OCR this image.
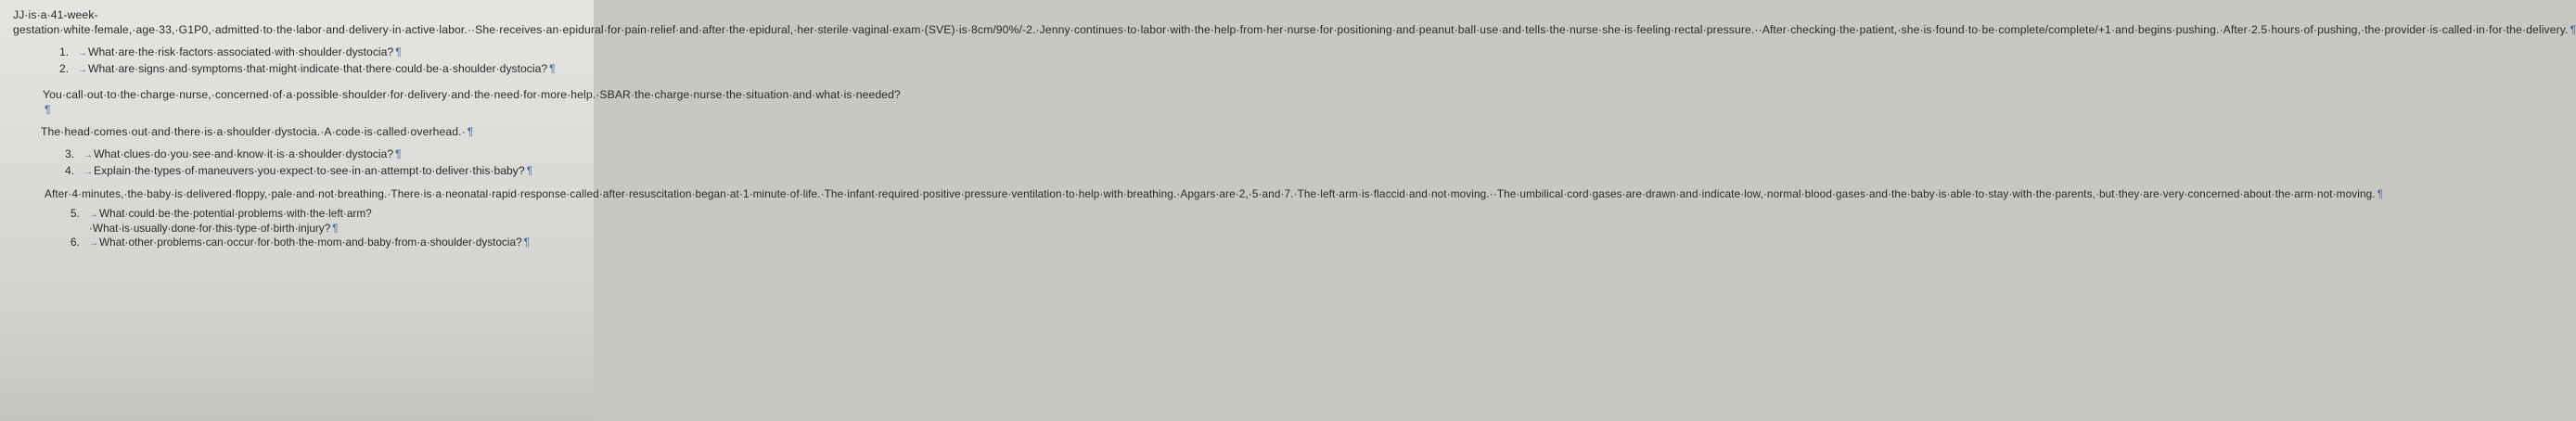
JJ·is·a·41-week-gestation·white·female,·age·33,·G1P0,·admitted·to·the·labor·and·delivery·in·active·labor.··She·receives·an·epidural·for·pain·relief·and·after·the·epidural,·her·sterile·vaginal·exam·(SVE)·is·8cm/90%/-2.·Jenny·continues·to·labor·with·the·help·from·her·nurse·for·positioning·and·peanut·ball·use·and·tells·the·nurse·she·is·feeling·rectal·pressure.··After·checking·the·patient,·she·is·found·to·be·complete/complete/+1·and·begins·pushing.·After·2.5·hours·of·pushing,·the·provider·is·called·in·for·the·delivery. ¶

1. →What·are·the·risk·factors·associated·with·shoulder·dystocia? ¶
2. →What·are·signs·and·symptoms·that·might·indicate·that·there·could·be·a·shoulder·dystocia? ¶

You·call·out·to·the·charge·nurse,·concerned·of·a·possible·shoulder·for·delivery·and·the·need·for·more·help.·SBAR·the·charge·nurse·the·situation·and·what·is·needed?¶

The·head·comes·out·and·there·is·a·shoulder·dystocia.·A·code·is·called·overhead.· ¶

3. →What·clues·do·you·see·and·know·it·is·a·shoulder·dystocia? ¶
4. →Explain·the·types·of·maneuvers·you·expect·to·see·in·an·attempt·to·deliver·this·baby? ¶

After·4·minutes,·the·baby·is·delivered·floppy,·pale·and·not·breathing.·There·is·a·neonatal·rapid·response·called·after·resuscitation·began·at·1·minute·of·life.·The·infant·required·positive·pressure·ventilation·to·help·with·breathing.·Apgars·are·2,·5·and·7.·The·left·arm·is·flaccid·and·not·moving.··The·umbilical·cord·gases·are·drawn·and·indicate·low,·normal·blood·gases·and·the·baby·is·able·to·stay·with·the·parents,·but·they·are·very·concerned·about·the·arm·not·moving. ¶

5. →What·could·be·the·potential·problems·with·the·left·arm?·What·is·usually·done·for·this·type·of·birth·injury? ¶
6. →What·other·problems·can·occur·for·both·the·mom·and·baby·from·a·shoulder·dystocia? ¶
